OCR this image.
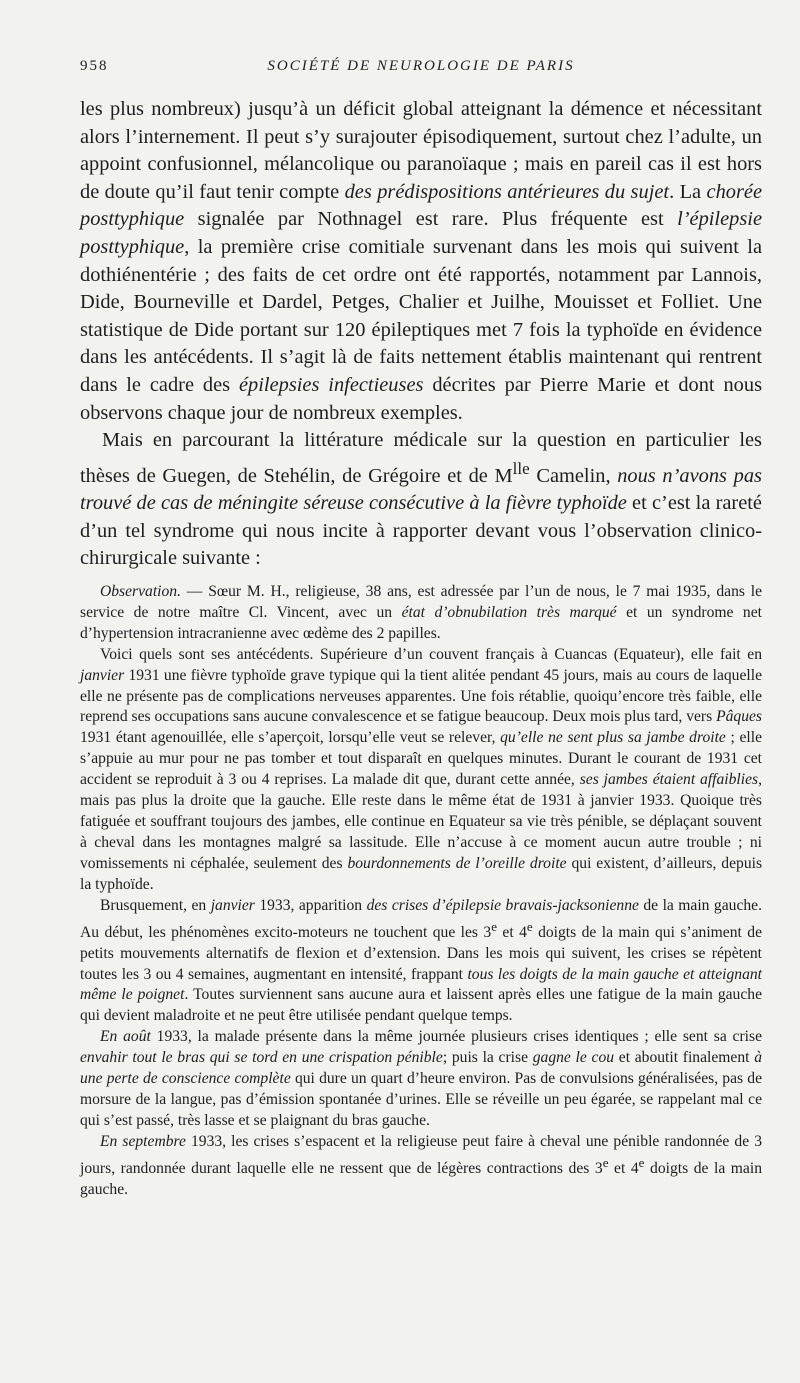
958	SOCIÉTÉ DE NEUROLOGIE DE PARIS

les plus nombreux) jusqu’à un déficit global atteignant la démence et nécessitant alors l’internement. Il peut s’y surajouter épisodiquement, surtout chez l’adulte, un appoint confusionnel, mélancolique ou paranoïaque ; mais en pareil cas il est hors de doute qu’il faut tenir compte des prédispositions antérieures du sujet. La chorée posttyphique signalée par Nothnagel est rare. Plus fréquente est l’épilepsie posttyphique, la première crise comitiale survenant dans les mois qui suivent la dothiénentérie ; des faits de cet ordre ont été rapportés, notamment par Lannois, Dide, Bourneville et Dardel, Petges, Chalier et Juilhe, Mouisset et Folliet. Une statistique de Dide portant sur 120 épileptiques met 7 fois la typhoïde en évidence dans les antécédents. Il s’agit là de faits nettement établis maintenant qui rentrent dans le cadre des épilepsies infectieuses décrites par Pierre Marie et dont nous observons chaque jour de nombreux exemples.

Mais en parcourant la littérature médicale sur la question en particulier les thèses de Guegen, de Stehélin, de Grégoire et de $M^{lle}$ Camelin, nous n’avons pas trouvé de cas de méningite séreuse consécutive à la fièvre typhoïde et c’est la rareté d’un tel syndrome qui nous incite à rapporter devant vous l’observation clinico-chirurgicale suivante :

Observation. — Sœur M. H., religieuse, 38 ans, est adressée par l’un de nous, le 7 mai 1935, dans le service de notre maître Cl. Vincent, avec un état d’obnubilation très marqué et un syndrome net d’hypertension intracranienne avec œdème des 2 papilles.

Voici quels sont ses antécédents. Supérieure d’un couvent français à Cuancas (Equateur), elle fait en janvier 1931 une fièvre typhoïde grave typique qui la tient alitée pendant 45 jours, mais au cours de laquelle elle ne présente pas de complications nerveuses apparentes. Une fois rétablie, quoiqu’encore très faible, elle reprend ses occupations sans aucune convalescence et se fatigue beaucoup. Deux mois plus tard, vers Pâques 1931 étant agenouillée, elle s’aperçoit, lorsqu’elle veut se relever, qu’elle ne sent plus sa jambe droite ; elle s’appuie au mur pour ne pas tomber et tout disparaît en quelques minutes. Durant le courant de 1931 cet accident se reproduit à 3 ou 4 reprises. La malade dit que, durant cette année, ses jambes étaient affaiblies, mais pas plus la droite que la gauche. Elle reste dans le même état de 1931 à janvier 1933. Quoique très fatiguée et souffrant toujours des jambes, elle continue en Equateur sa vie très pénible, se déplaçant souvent à cheval dans les montagnes malgré sa lassitude. Elle n’accuse à ce moment aucun autre trouble ; ni vomissements ni céphalée, seulement des bourdonnements de l’oreille droite qui existent, d’ailleurs, depuis la typhoïde.

Brusquement, en janvier 1933, apparition des crises d’épilepsie bravais-jacksonienne de la main gauche. Au début, les phénomènes excito-moteurs ne touchent que les 3e et 4e doigts de la main qui s’animent de petits mouvements alternatifs de flexion et d’extension. Dans les mois qui suivent, les crises se répètent toutes les 3 ou 4 semaines, augmentant en intensité, frappant tous les doigts de la main gauche et atteignant même le poignet. Toutes surviennent sans aucune aura et laissent après elles une fatigue de la main gauche qui devient maladroite et ne peut être utilisée pendant quelque temps.

En août 1933, la malade présente dans la même journée plusieurs crises identiques ; elle sent sa crise envahir tout le bras qui se tord en une crispation pénible; puis la crise gagne le cou et aboutit finalement à une perte de conscience complète qui dure un quart d’heure environ. Pas de convulsions généralisées, pas de morsure de la langue, pas d’émission spontanée d’urines. Elle se réveille un peu égarée, se rappelant mal ce qui s’est passé, très lasse et se plaignant du bras gauche.

En septembre 1933, les crises s’espacent et la religieuse peut faire à cheval une pénible randonnée de 3 jours, randonnée durant laquelle elle ne ressent que de légères contractions des 3e et 4e doigts de la main gauche.
